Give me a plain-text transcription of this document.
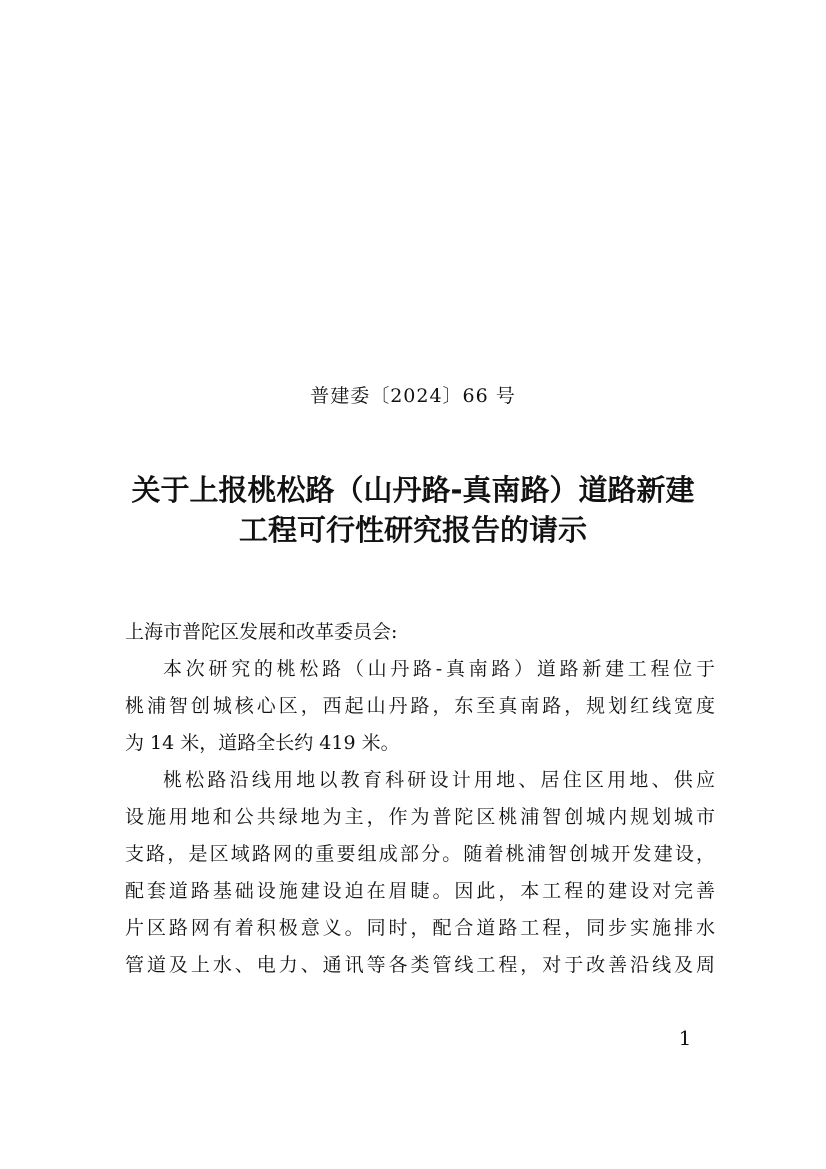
普建委〔2024〕66 号
关于上报桃松路（山丹路-真南路）道路新建
工程可行性研究报告的请示
上海市普陀区发展和改革委员会:

本次研究的桃松路（山丹路-真南路）道路新建工程位于
桃浦智创城核心区，西起山丹路，东至真南路，规划红线宽度
为 14 米，道路全长约 419 米。

桃松路沿线用地以教育科研设计用地、居住区用地、供应
设施用地和公共绿地为主，作为普陀区桃浦智创城内规划城市
支路，是区域路网的重要组成部分。随着桃浦智创城开发建设，
配套道路基础设施建设迫在眉睫。因此，本工程的建设对完善
片区路网有着积极意义。同时，配合道路工程，同步实施排水
管道及上水、电力、通讯等各类管线工程，对于改善沿线及周

1
